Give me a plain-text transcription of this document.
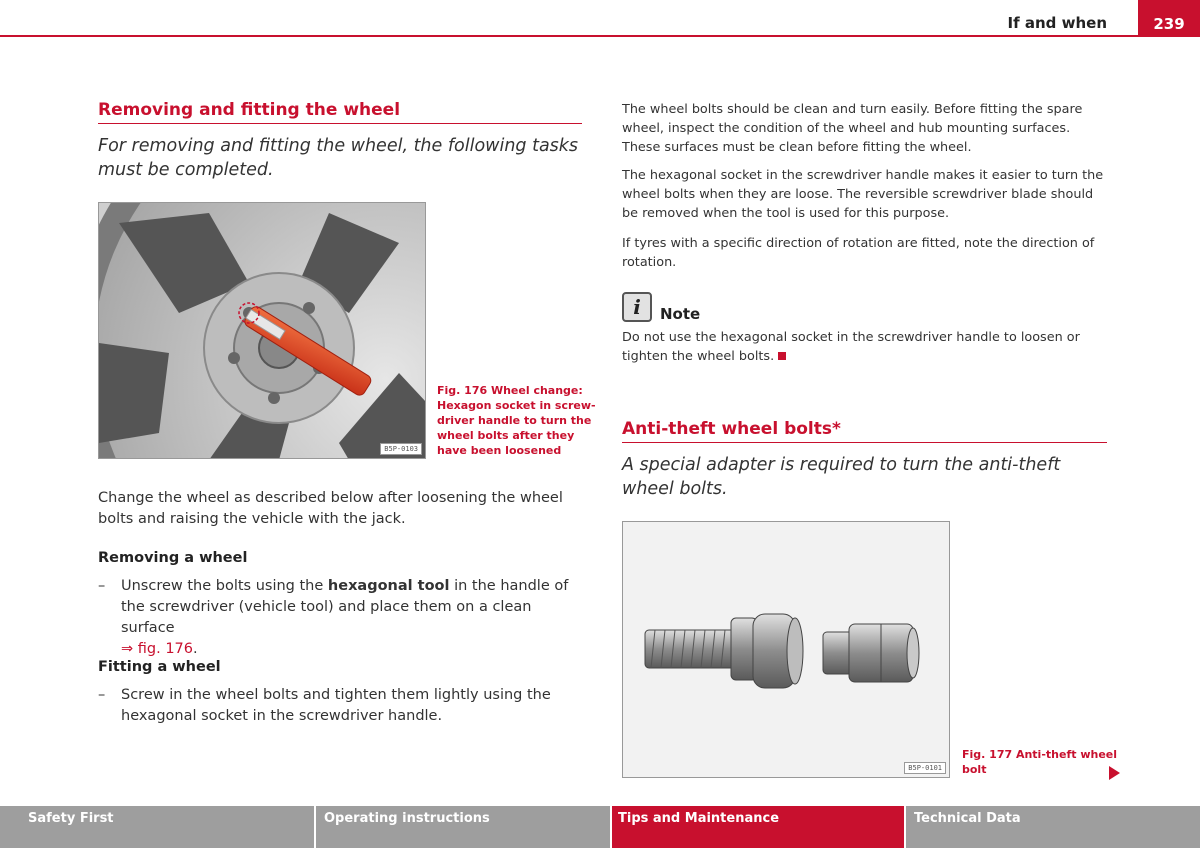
If and when	239
Removing and fitting the wheel
For removing and fitting the wheel, the following tasks must be completed.
B5P-0103
Fig. 176 Wheel change:
Hexagon socket in screw-
driver handle to turn the
wheel bolts after they
have been loosened
Change the wheel as described below after loosening the wheel bolts and raising the vehicle with the jack.
Removing a wheel
– Unscrew the bolts using the hexagonal tool in the handle of the screwdriver (vehicle tool) and place them on a clean surface
⇒ fig. 176.
Fitting a wheel
– Screw in the wheel bolts and tighten them lightly using the hexagonal socket in the screwdriver handle.
The wheel bolts should be clean and turn easily. Before fitting the spare wheel, inspect the condition of the wheel and hub mounting surfaces. These surfaces must be clean before fitting the wheel.
The hexagonal socket in the screwdriver handle makes it easier to turn the wheel bolts when they are loose. The reversible screwdriver blade should be removed when the tool is used for this purpose.
If tyres with a specific direction of rotation are fitted, note the direction of rotation.
i	Note
Do not use the hexagonal socket in the screwdriver handle to loosen or tighten the wheel bolts.
Anti-theft wheel bolts*
A special adapter is required to turn the anti-theft wheel bolts.
B5P-0101
Fig. 177 Anti-theft wheel
bolt
Safety First	Operating instructions	Tips and Maintenance	Technical Data
